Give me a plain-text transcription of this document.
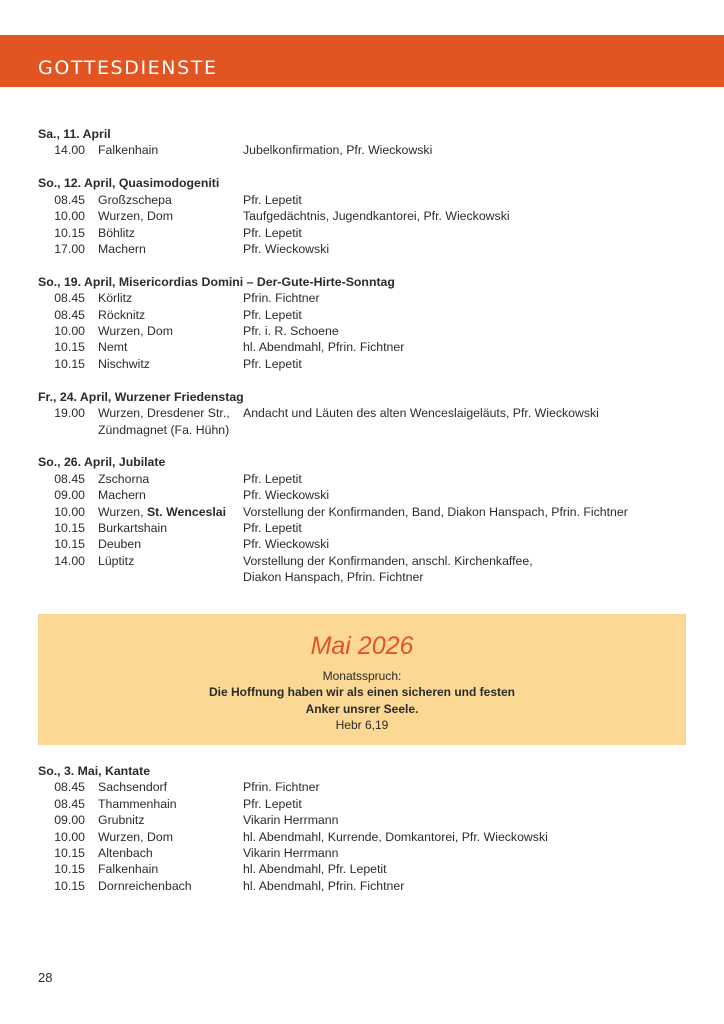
GOTTESDIENSTE
Sa., 11. April
14.00	Falkenhain	Jubelkonfirmation, Pfr. Wieckowski
So., 12. April, Quasimodogeniti
08.45	Großzschepa	Pfr. Lepetit
10.00	Wurzen, Dom	Taufgedächtnis, Jugendkantorei, Pfr. Wieckowski
10.15	Böhlitz	Pfr. Lepetit
17.00	Machern	Pfr. Wieckowski
So., 19. April, Misericordias Domini – Der-Gute-Hirte-Sonntag
08.45	Körlitz	Pfrin. Fichtner
08.45	Röcknitz	Pfr. Lepetit
10.00	Wurzen, Dom	Pfr. i. R. Schoene
10.15	Nemt	hl. Abendmahl, Pfrin. Fichtner
10.15	Nischwitz	Pfr. Lepetit
Fr., 24. April, Wurzener Friedenstag
19.00	Wurzen, Dresdener Str.,	Andacht und Läuten des alten Wenceslaigeläuts, Pfr. Wieckowski
Zündmagnet (Fa. Hühn)
So., 26. April, Jubilate
08.45	Zschorna	Pfr. Lepetit
09.00	Machern	Pfr. Wieckowski
10.00	Wurzen, St. Wenceslai	Vorstellung der Konfirmanden, Band, Diakon Hanspach, Pfrin. Fichtner
10.15	Burkartshain	Pfr. Lepetit
10.15	Deuben	Pfr. Wieckowski
14.00	Lüptitz	Vorstellung der Konfirmanden, anschl. Kirchenkaffee,
Diakon Hanspach, Pfrin. Fichtner
Mai 2026
Monatsspruch:
Die Hoffnung haben wir als einen sicheren und festen
Anker unsrer Seele.
Hebr 6,19
So., 3. Mai, Kantate
08.45	Sachsendorf	Pfrin. Fichtner
08.45	Thammenhain	Pfr. Lepetit
09.00	Grubnitz	Vikarin Herrmann
10.00	Wurzen, Dom	hl. Abendmahl, Kurrende, Domkantorei, Pfr. Wieckowski
10.15	Altenbach	Vikarin Herrmann
10.15	Falkenhain	hl. Abendmahl, Pfr. Lepetit
10.15	Dornreichenbach	hl. Abendmahl, Pfrin. Fichtner
28
